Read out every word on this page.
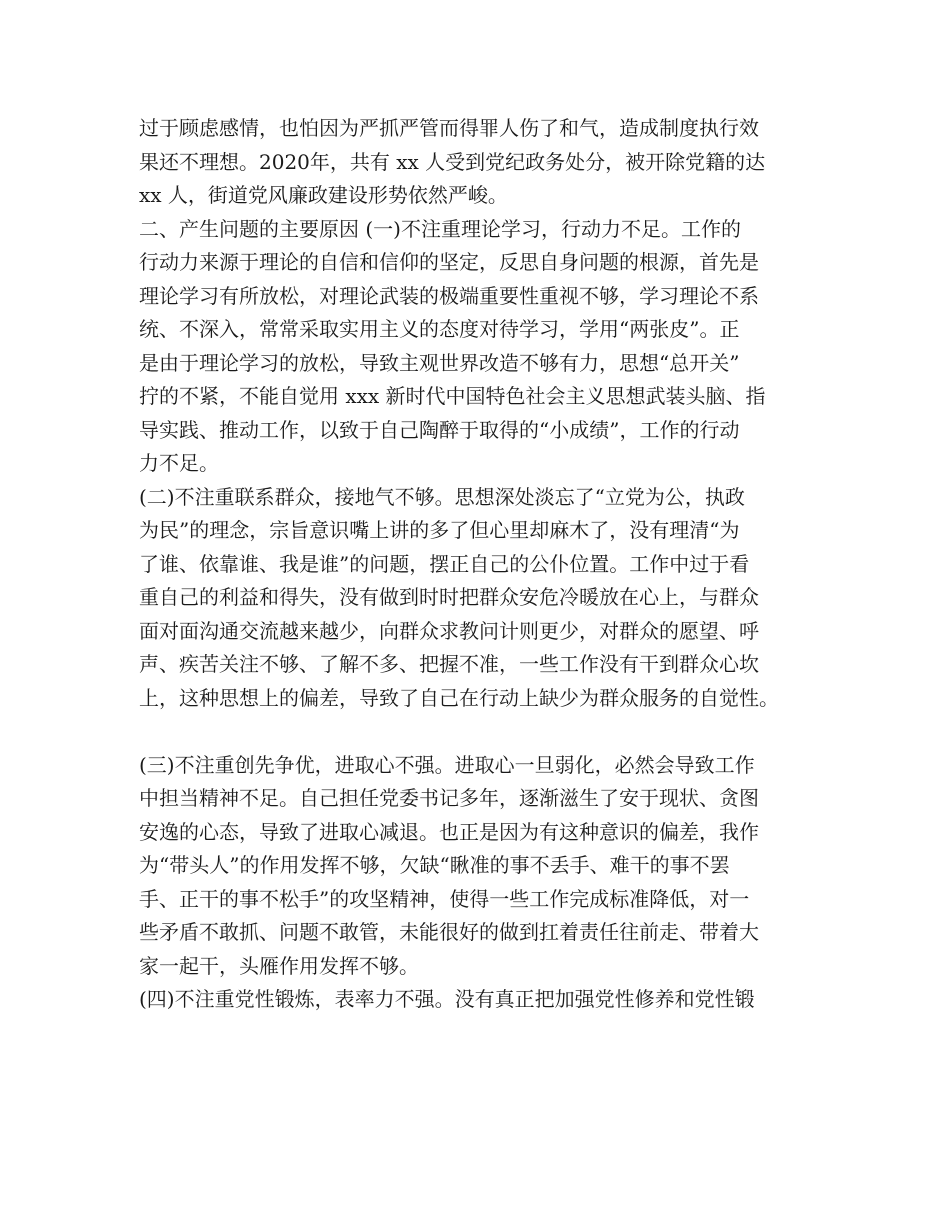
过于顾虑感情，也怕因为严抓严管而得罪人伤了和气，造成制度执行效
果还不理想。2020年，共有 xx 人受到党纪政务处分，被开除党籍的达
xx 人，街道党风廉政建设形势依然严峻。
二、产生问题的主要原因 (一)不注重理论学习，行动力不足。工作的
行动力来源于理论的自信和信仰的坚定，反思自身问题的根源，首先是
理论学习有所放松，对理论武装的极端重要性重视不够，学习理论不系
统、不深入，常常采取实用主义的态度对待学习，学用“两张皮”。正
是由于理论学习的放松，导致主观世界改造不够有力，思想“总开关”
拧的不紧，不能自觉用 xxx 新时代中国特色社会主义思想武装头脑、指
导实践、推动工作，以致于自己陶醉于取得的“小成绩”，工作的行动
力不足。
(二)不注重联系群众，接地气不够。思想深处淡忘了“立党为公，执政
为民”的理念，宗旨意识嘴上讲的多了但心里却麻木了，没有理清“为
了谁、依靠谁、我是谁”的问题，摆正自己的公仆位置。工作中过于看
重自己的利益和得失，没有做到时时把群众安危冷暖放在心上，与群众
面对面沟通交流越来越少，向群众求教问计则更少，对群众的愿望、呼
声、疾苦关注不够、了解不多、把握不准，一些工作没有干到群众心坎
上，这种思想上的偏差，导致了自己在行动上缺少为群众服务的自觉性。
(三)不注重创先争优，进取心不强。进取心一旦弱化，必然会导致工作
中担当精神不足。自己担任党委书记多年，逐渐滋生了安于现状、贪图
安逸的心态，导致了进取心减退。也正是因为有这种意识的偏差，我作
为“带头人”的作用发挥不够，欠缺“瞅准的事不丢手、难干的事不罢
手、正干的事不松手”的攻坚精神，使得一些工作完成标准降低，对一
些矛盾不敢抓、问题不敢管，未能很好的做到扛着责任往前走、带着大
家一起干，头雁作用发挥不够。
(四)不注重党性锻炼，表率力不强。没有真正把加强党性修养和党性锻
